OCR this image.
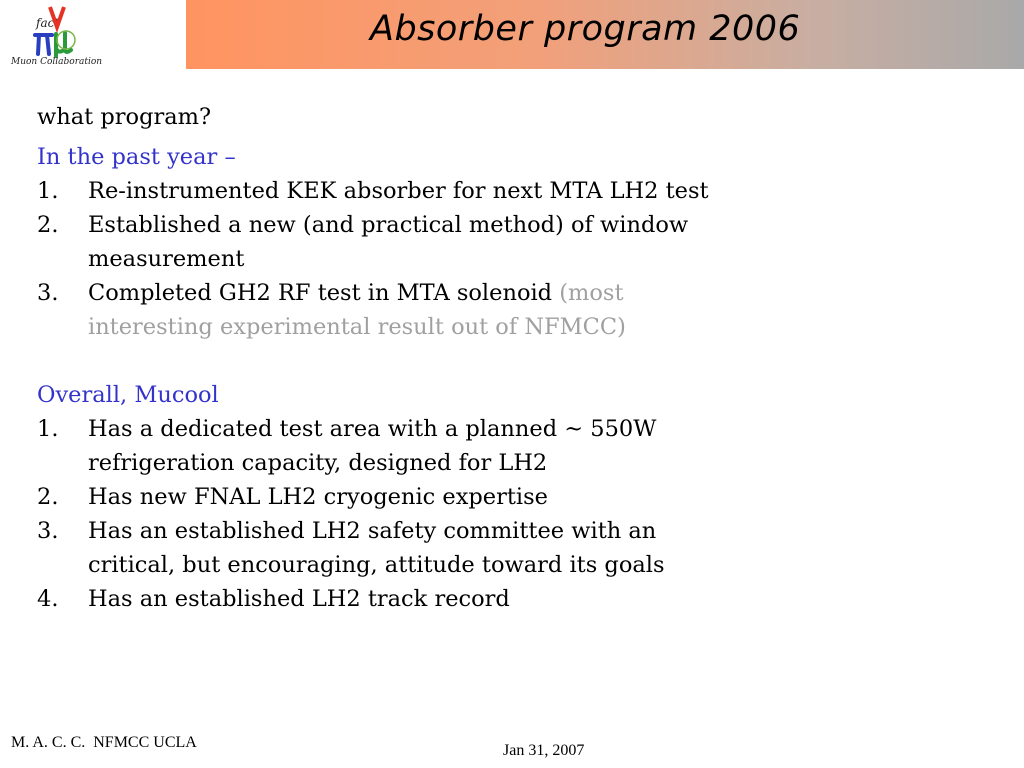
fact
Muon Collaboration
Absorber program 2006

what program?

In the past year –

1. Re-instrumented KEK absorber for next MTA LH2 test
2. Established a new (and practical method) of window
measurement
3. Completed GH2 RF test in MTA solenoid (most
interesting experimental result out of NFMCC)

Overall, Mucool

1. Has a dedicated test area with a planned ~ 550W
refrigeration capacity, designed for LH2
2. Has new FNAL LH2 cryogenic expertise
3. Has an established LH2 safety committee with an
critical, but encouraging, attitude toward its goals
4. Has an established LH2 track record
M. A. C. C.  NFMCC UCLA	Jan 31, 2007
